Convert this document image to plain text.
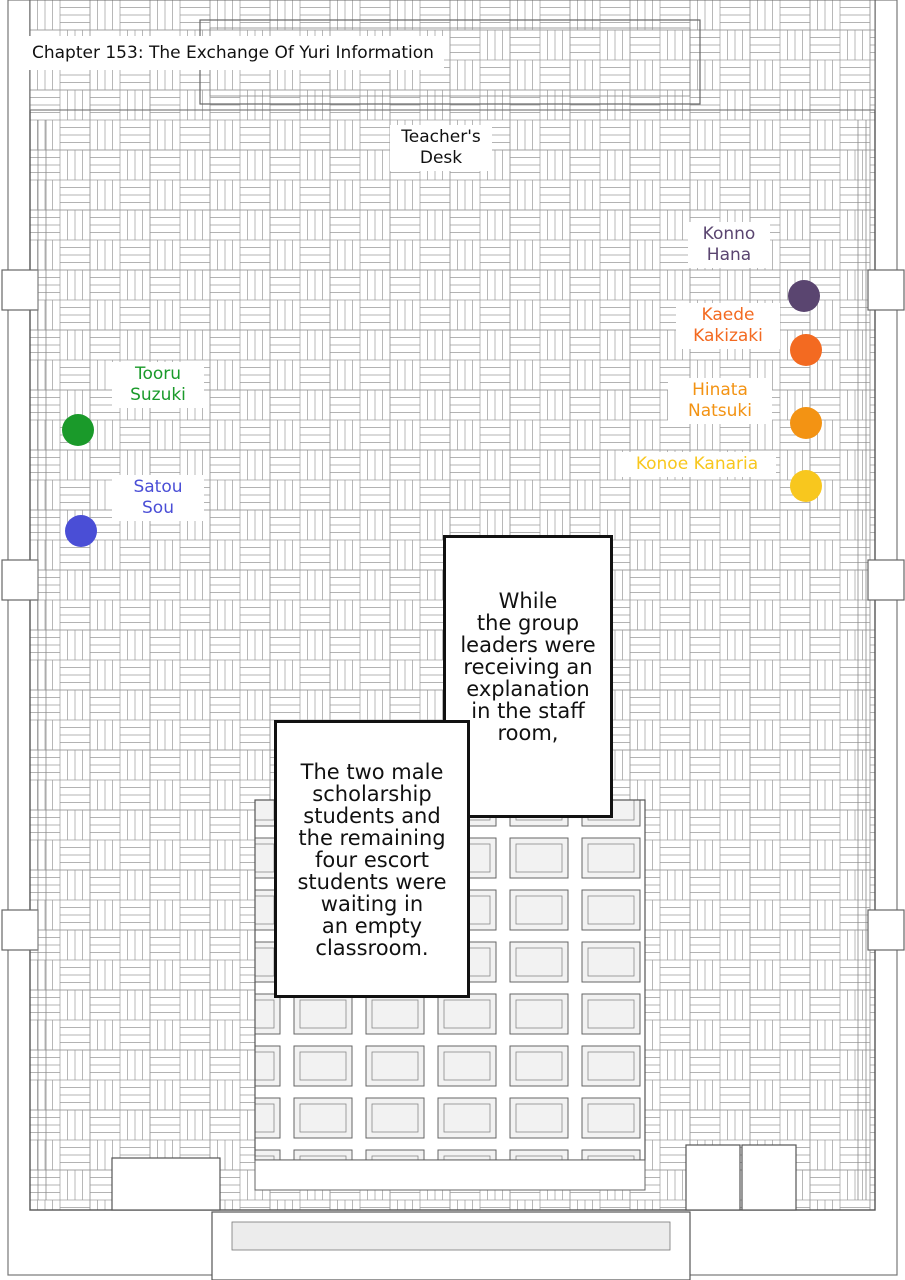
Chapter 153: The Exchange Of Yuri Information
Teacher's
Desk
Konno
Hana
Kaede
Kakizaki
Hinata
Natsuki
Konoe Kanaria
Tooru
Suzuki
Satou
Sou
While
the group
leaders were
receiving an
explanation
in the staff
room,
The two male
scholarship
students and
the remaining
four escort
students were
waiting in
an empty
classroom.
